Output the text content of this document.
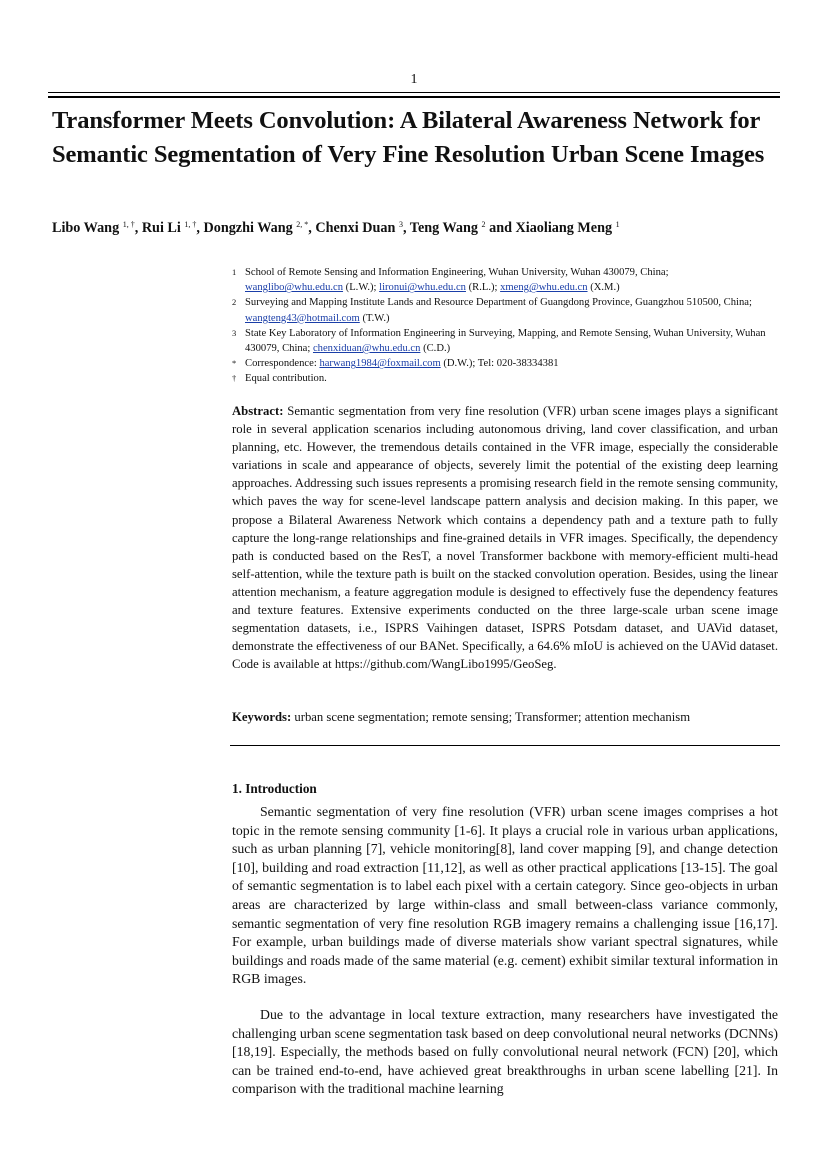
1
Transformer Meets Convolution: A Bilateral Awareness Network for Semantic Segmentation of Very Fine Resolution Urban Scene Images
Libo Wang $^{1, \dagger}$, Rui Li $^{1, \dagger}$, Dongzhi Wang $^{2, *}$, Chenxi Duan $^3$, Teng Wang $^2$ and Xiaoliang Meng $^1$
1 School of Remote Sensing and Information Engineering, Wuhan University, Wuhan 430079, China;
wanglibo@whu.edu.cn (L.W.); lironui@whu.edu.cn (R.L.); xmeng@whu.edu.cn (X.M.)
2 Surveying and Mapping Institute Lands and Resource Department of Guangdong Province, Guangzhou 510500, China; wangteng43@hotmail.com (T.W.)
3 State Key Laboratory of Information Engineering in Surveying, Mapping, and Remote Sensing, Wuhan University, Wuhan 430079, China; chenxiduan@whu.edu.cn (C.D.)
* Correspondence: harwang1984@foxmail.com (D.W.); Tel: 020-38334381
† Equal contribution.
Abstract: Semantic segmentation from very fine resolution (VFR) urban scene images plays a significant role in several application scenarios including autonomous driving, land cover classification, and urban planning, etc. However, the tremendous details contained in the VFR image, especially the considerable variations in scale and appearance of objects, severely limit the potential of the existing deep learning approaches. Addressing such issues represents a promising research field in the remote sensing community, which paves the way for scene-level landscape pattern analysis and decision making. In this paper, we propose a Bilateral Awareness Network which contains a dependency path and a texture path to fully capture the long-range relationships and fine-grained details in VFR images. Specifically, the dependency path is conducted based on the ResT, a novel Transformer backbone with memory-efficient multi-head self-attention, while the texture path is built on the stacked convolution operation. Besides, using the linear attention mechanism, a feature aggregation module is designed to effectively fuse the dependency features and texture features. Extensive experiments conducted on the three large-scale urban scene image segmentation datasets, i.e., ISPRS Vaihingen dataset, ISPRS Potsdam dataset, and UAVid dataset, demonstrate the effectiveness of our BANet. Specifically, a 64.6% mIoU is achieved on the UAVid dataset. Code is available at https://github.com/WangLibo1995/GeoSeg.
Keywords: urban scene segmentation; remote sensing; Transformer; attention mechanism
1. Introduction

Semantic segmentation of very fine resolution (VFR) urban scene images comprises a hot topic in the remote sensing community [1-6]. It plays a crucial role in various urban applications, such as urban planning [7], vehicle monitoring[8], land cover mapping [9], and change detection [10], building and road extraction [11,12], as well as other practical applications [13-15]. The goal of semantic segmentation is to label each pixel with a certain category. Since geo-objects in urban areas are characterized by large within-class and small between-class variance commonly, semantic segmentation of very fine resolution RGB imagery remains a challenging issue [16,17]. For example, urban buildings made of diverse materials show variant spectral signatures, while buildings and roads made of the same material (e.g. cement) exhibit similar textural information in RGB images.

Due to the advantage in local texture extraction, many researchers have investigated the challenging urban scene segmentation task based on deep convolutional neural networks (DCNNs) [18,19]. Especially, the methods based on fully convolutional neural network (FCN) [20], which can be trained end-to-end, have achieved great breakthroughs in urban scene labelling [21]. In comparison with the traditional machine learning
